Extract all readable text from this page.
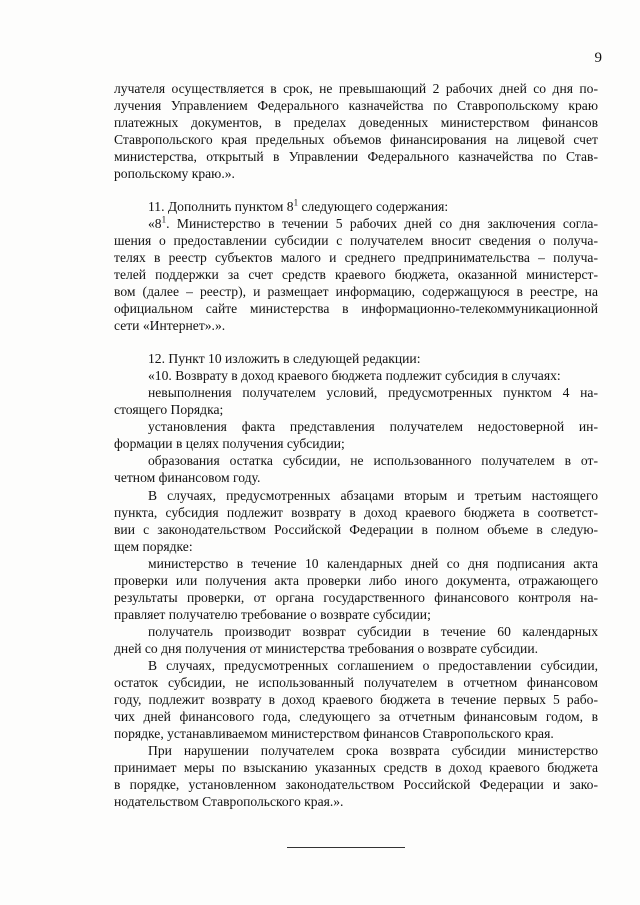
9
лучателя осуществляется в срок, не превышающий 2 рабочих дней со дня по-
лучения Управлением Федерального казначейства по Ставропольскому краю
платежных документов, в пределах доведенных министерством финансов
Ставропольского края предельных объемов финансирования на лицевой счет
министерства, открытый в Управлении Федерального казначейства по Став-
ропольскому краю.».
11. Дополнить пунктом $8^1$ следующего содержания:
«$8^1$. Министерство в течении 5 рабочих дней со дня заключения согла-
шения о предоставлении субсидии с получателем вносит сведения о получа-
телях в реестр субъектов малого и среднего предпринимательства – получа-
телей поддержки за счет средств краевого бюджета, оказанной министерст-
вом (далее – реестр), и размещает информацию, содержащуюся в реестре, на
официальном сайте министерства в информационно-телекоммуникационной
сети «Интернет».».
12. Пункт 10 изложить в следующей редакции:
«10. Возврату в доход краевого бюджета подлежит субсидия в случаях:
невыполнения получателем условий, предусмотренных пунктом 4 на-
стоящего Порядка;
установления факта представления получателем недостоверной ин-
формации в целях получения субсидии;
образования остатка субсидии, не использованного получателем в от-
четном финансовом году.
В случаях, предусмотренных абзацами вторым и третьим настоящего
пункта, субсидия подлежит возврату в доход краевого бюджета в соответст-
вии с законодательством Российской Федерации в полном объеме в следую-
щем порядке:
министерство в течение 10 календарных дней со дня подписания акта
проверки или получения акта проверки либо иного документа, отражающего
результаты проверки, от органа государственного финансового контроля на-
правляет получателю требование о возврате субсидии;
получатель производит возврат субсидии в течение 60 календарных
дней со дня получения от министерства требования о возврате субсидии.
В случаях, предусмотренных соглашением о предоставлении субсидии,
остаток субсидии, не использованный получателем в отчетном финансовом
году, подлежит возврату в доход краевого бюджета в течение первых 5 рабо-
чих дней финансового года, следующего за отчетным финансовым годом, в
порядке, устанавливаемом министерством финансов Ставропольского края.
При нарушении получателем срока возврата субсидии министерство
принимает меры по взысканию указанных средств в доход краевого бюджета
в порядке, установленном законодательством Российской Федерации и зако-
нодательством Ставропольского края.».
